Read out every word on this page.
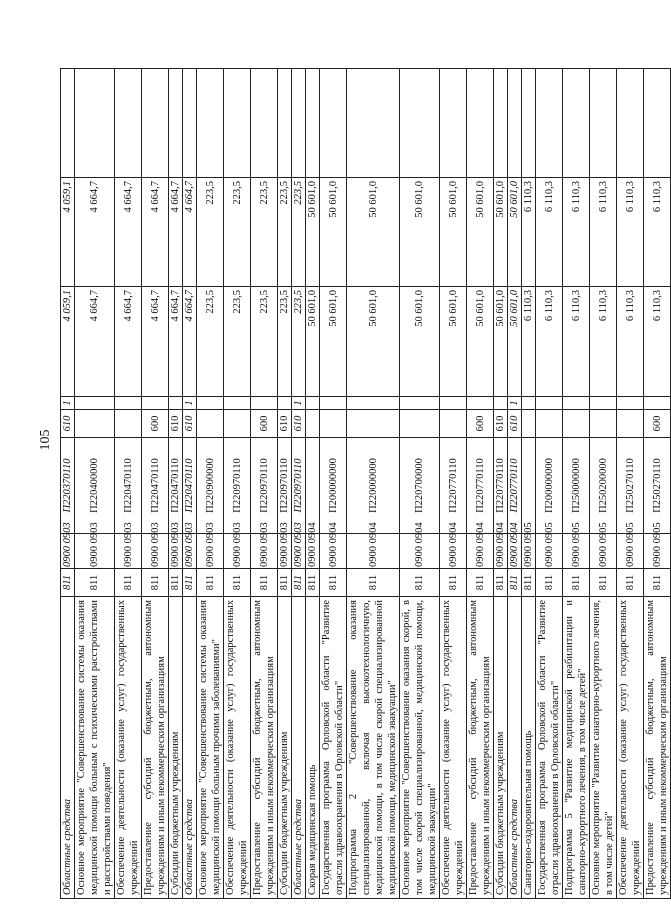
105
Областные средства	811	0900 0903	П220370110	610	1	4 059,1	4 059,1	
Основное мероприятие "Совершенствование системы оказания медицинской помощи больным с психическими расстройствами и расстройствами поведения"	811	0900 0903	П220400000			4 664,7	4 664,7	
Обеспечение деятельности (оказание услуг) государственных учреждений	811	0900 0903	П220470110			4 664,7	4 664,7	
Предоставление субсидий бюджетным, автономным учреждениям и иным некоммерческим организациям	811	0900 0903	П220470110	600		4 664,7	4 664,7	
Субсидии бюджетным учреждениям	811	0900 0903	П220470110	610		4 664,7	4 664,7	
Областные средства	811	0900 0903	П220470110	610	1	4 664,7	4 664,7	
Основное мероприятие "Совершенствование системы оказания медицинской помощи больным прочими заболеваниями"	811	0900 0903	П220900000			223,5	223,5	
Обеспечение деятельности (оказание услуг) государственных учреждений	811	0900 0903	П220970110			223,5	223,5	
Предоставление субсидий бюджетным, автономным учреждениям и иным некоммерческим организациям	811	0900 0903	П220970110	600		223,5	223,5	
Субсидии бюджетным учреждениям	811	0900 0903	П220970110	610		223,5	223,5	
Областные средства	811	0900 0903	П220970110	610	1	223,5	223,5	
Скорая медицинская помощь	811	0900 0904				50 601,0	50 601,0	
Государственная программа Орловской области "Развитие отрасли здравоохранения в Орловской области"	811	0900 0904	П200000000			50 601,0	50 601,0	
Подпрограмма 2 "Совершенствование оказания специализированной, включая высокотехнологичную, медицинской помощи, в том числе скорой специализированной медицинской помощи, медицинской эвакуации"	811	0900 0904	П220000000			50 601,0	50 601,0	
Основное мероприятие "Совершенствование оказания скорой, в том числе скорой специализированной, медицинской помощи, медицинской эвакуации"	811	0900 0904	П220700000			50 601,0	50 601,0	
Обеспечение деятельности (оказание услуг) государственных учреждений	811	0900 0904	П220770110			50 601,0	50 601,0	
Предоставление субсидий бюджетным, автономным учреждениям и иным некоммерческим организациям	811	0900 0904	П220770110	600		50 601,0	50 601,0	
Субсидии бюджетным учреждениям	811	0900 0904	П220770110	610		50 601,0	50 601,0	
Областные средства	811	0900 0904	П220770110	610	1	50 601,0	50 601,0	
Санаторно-оздоровительная помощь	811	0900 0905				6 110,3	6 110,3	
Государственная программа Орловской области "Развитие отрасли здравоохранения в Орловской области"	811	0900 0905	П200000000			6 110,3	6 110,3	
Подпрограмма 5 "Развитие медицинской реабилитации и санаторно-курортного лечения, в том числе детей"	811	0900 0905	П250000000			6 110,3	6 110,3	
Основное мероприятие "Развитие санаторно-курортного лечения, в том числе детей"	811	0900 0905	П250200000			6 110,3	6 110,3	
Обеспечение деятельности (оказание услуг) государственных учреждений	811	0900 0905	П250270110			6 110,3	6 110,3	
Предоставление субсидий бюджетным, автономным учреждениям и иным некоммерческим организациям	811	0900 0905	П250270110	600		6 110,3	6 110,3	
